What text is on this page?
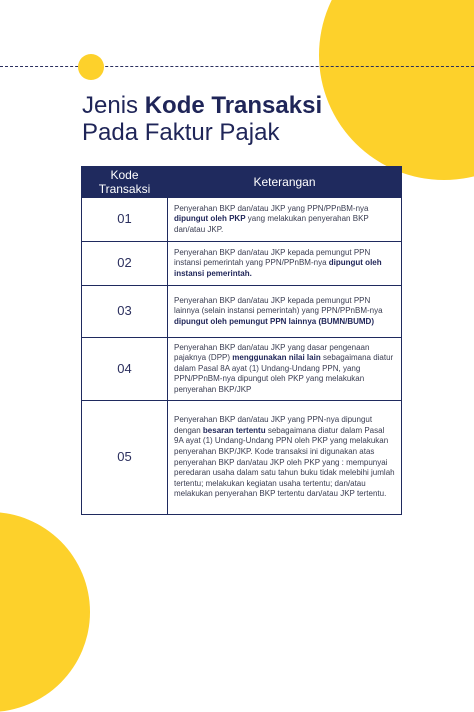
Jenis Kode Transaksi
Pada Faktur Pajak
Kode Transaksi	Keterangan
01	Penyerahan BKP dan/atau JKP yang PPN/PPnBM-nya dipungut oleh PKP yang melakukan penyerahan BKP dan/atau JKP.
02	Penyerahan BKP dan/atau JKP kepada pemungut PPN instansi pemerintah yang PPN/PPnBM-nya dipungut oleh instansi pemerintah.
03	Penyerahan BKP dan/atau JKP kepada pemungut PPN lainnya (selain instansi pemerintah) yang PPN/PPnBM-nya dipungut oleh pemungut PPN lainnya (BUMN/BUMD)
04	Penyerahan BKP dan/atau JKP yang dasar pengenaan pajaknya (DPP) menggunakan nilai lain sebagaimana diatur dalam Pasal 8A ayat (1) Undang-Undang PPN, yang PPN/PPnBM-nya dipungut oleh PKP yang melakukan penyerahan BKP/JKP
05	Penyerahan BKP dan/atau JKP yang PPN-nya dipungut dengan besaran tertentu sebagaimana diatur dalam Pasal 9A ayat (1) Undang-Undang PPN oleh PKP yang melakukan penyerahan BKP/JKP. Kode transaksi ini digunakan atas penyerahan BKP dan/atau JKP oleh PKP yang : mempunyai peredaran usaha dalam satu tahun buku tidak melebihi jumlah tertentu; melakukan kegiatan usaha tertentu; dan/atau melakukan penyerahan BKP tertentu dan/atau JKP tertentu.
